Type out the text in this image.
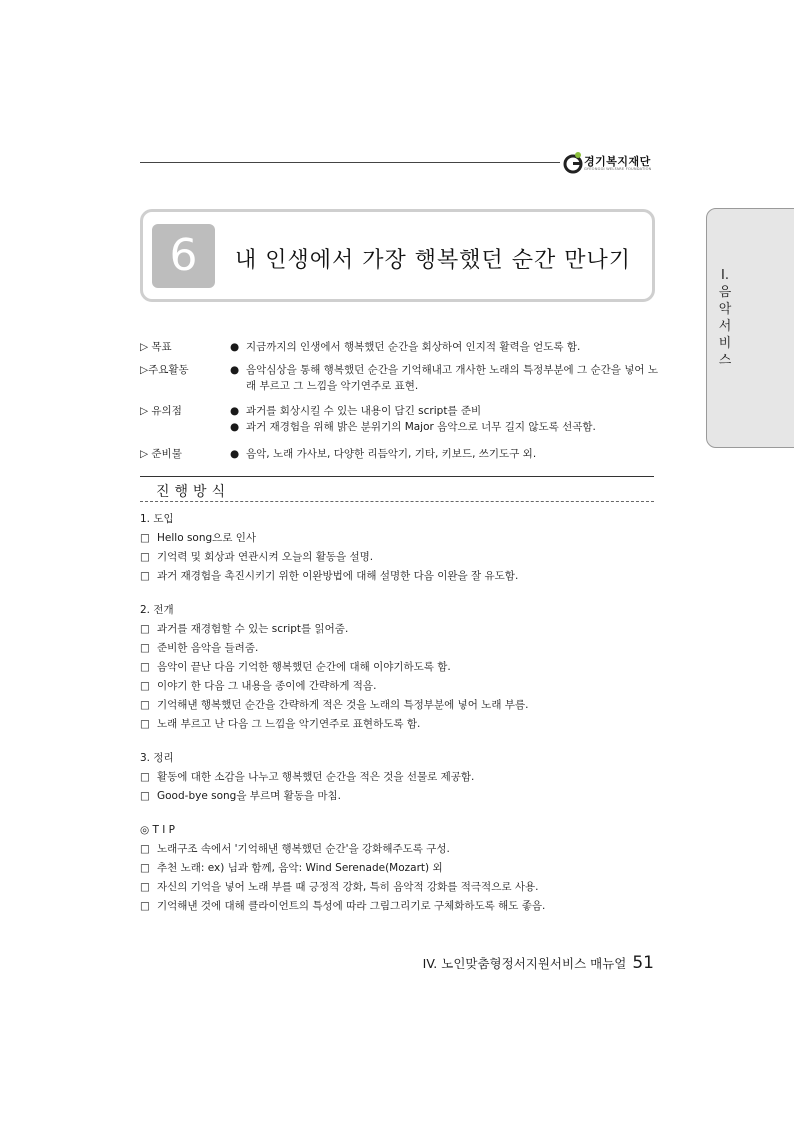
경기복지재단
GYEONGGI WELFARE FOUNDATION
Ⅰ.음악서비스
6	내 인생에서 가장 행복했던 순간 만나기
▷ 목표	● 지금까지의 인생에서 행복했던 순간을 회상하여 인지적 활력을 얻도록 함.
▷주요활동	● 음악심상을 통해 행복했던 순간을 기억해내고 개사한 노래의 특정부분에 그 순간을 넣어 노래 부르고 그 느낌을 악기연주로 표현.
▷ 유의점	● 과거를 회상시킬 수 있는 내용이 담긴 script를 준비
● 과거 재경험을 위해 밝은 분위기의 Major 음악으로 너무 길지 않도록 선곡함.
▷ 준비물	● 음악, 노래 가사보, 다양한 리듬악기, 기타, 키보드, 쓰기도구 외.
진행방식
1. 도입
□ Hello song으로 인사
□ 기억력 및 회상과 연관시켜 오늘의 활동을 설명.
□ 과거 재경험을 촉진시키기 위한 이완방법에 대해 설명한 다음 이완을 잘 유도함.
2. 전개
□ 과거를 재경험할 수 있는 script를 읽어줌.
□ 준비한 음악을 들려줌.
□ 음악이 끝난 다음 기억한 행복했던 순간에 대해 이야기하도록 함.
□ 이야기 한 다음 그 내용을 종이에 간략하게 적음.
□ 기억해낸 행복했던 순간을 간략하게 적은 것을 노래의 특정부분에 넣어 노래 부름.
□ 노래 부르고 난 다음 그 느낌을 악기연주로 표현하도록 함.
3. 정리
□ 활동에 대한 소감을 나누고 행복했던 순간을 적은 것을 선물로 제공함.
□ Good-bye song을 부르며 활동을 마침.
◎ T I P
□ 노래구조 속에서 '기억해낸 행복했던 순간'을 강화해주도록 구성.
□ 추천 노래: ex) 님과 함께, 음악: Wind Serenade(Mozart) 외
□ 자신의 기억을 넣어 노래 부를 때 긍정적 강화, 특히 음악적 강화를 적극적으로 사용.
□ 기억해낸 것에 대해 클라이언트의 특성에 따라 그림그리기로 구체화하도록 해도 좋음.
IV. 노인맞춤형정서지원서비스 매뉴얼 51
